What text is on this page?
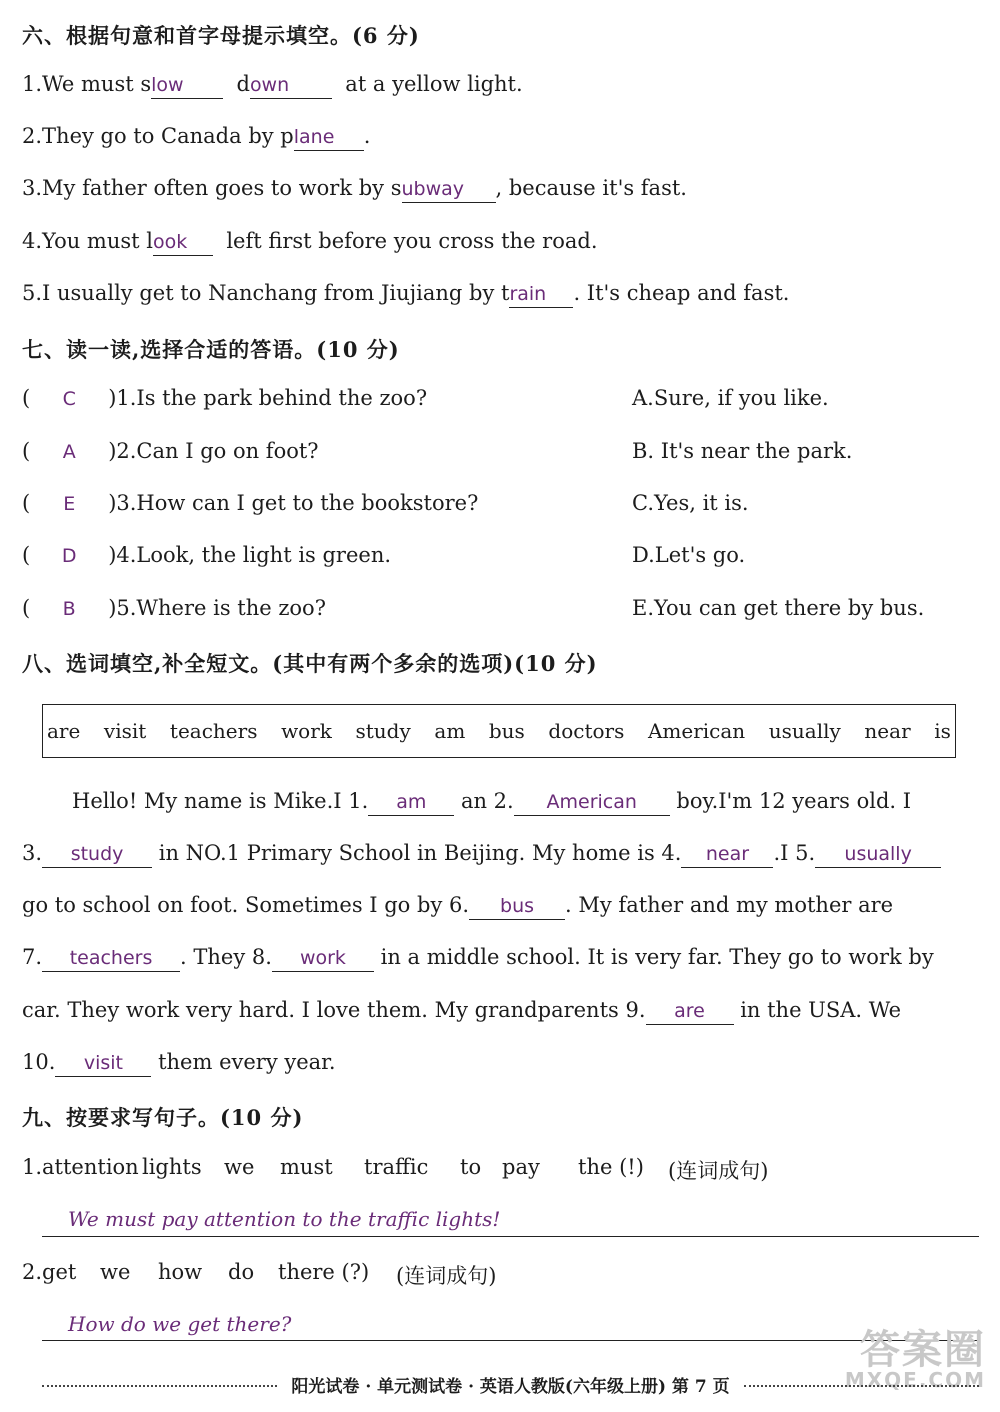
六、根据句意和首字母提示填空。(6 分)
1.We must slow	down	at a yellow light.
2.They go to Canada by plane .
3.My father often goes to work by subway , because it's fast.
4.You must look left first before you cross the road.
5.I usually get to Nanchang from Jiujiang by train . It's cheap and fast.
七、读一读,选择合适的答语。(10 分)
( C )1.Is the park behind the zoo?	A.Sure, if you like.
( A )2.Can I go on foot?	B. It's near the park.
( E )3.How can I get to the bookstore?	C.Yes, it is.
( D )4.Look, the light is green.	D.Let's go.
( B )5.Where is the zoo?	E.You can get there by bus.
八、选词填空,补全短文。(其中有两个多余的选项)(10 分)
are visit teachers work study am bus doctors American usually near is
Hello! My name is Mike.I 1. am an 2. American boy.I'm 12 years old. I
3. study in NO.1 Primary School in Beijing. My home is 4. near .I 5. usually
go to school on foot. Sometimes I go by 6. bus . My father and my mother are
7. teachers . They 8. work in a middle school. It is very far. They go to work by
car. They work very hard. I love them. My grandparents 9. are in the USA. We
10. visit them every year.
九、按要求写句子。(10 分)
1.attention lights	we	must	traffic	to pay	the (!)	(连词成句)
We must pay attention to the traffic lights!
2.get	we	how	do	there (?)	(连词成句)
How do we get there?
答案圈
MXQE.COM
阳光试卷 · 单元测试卷 · 英语人教版(六年级上册) 第 7 页
